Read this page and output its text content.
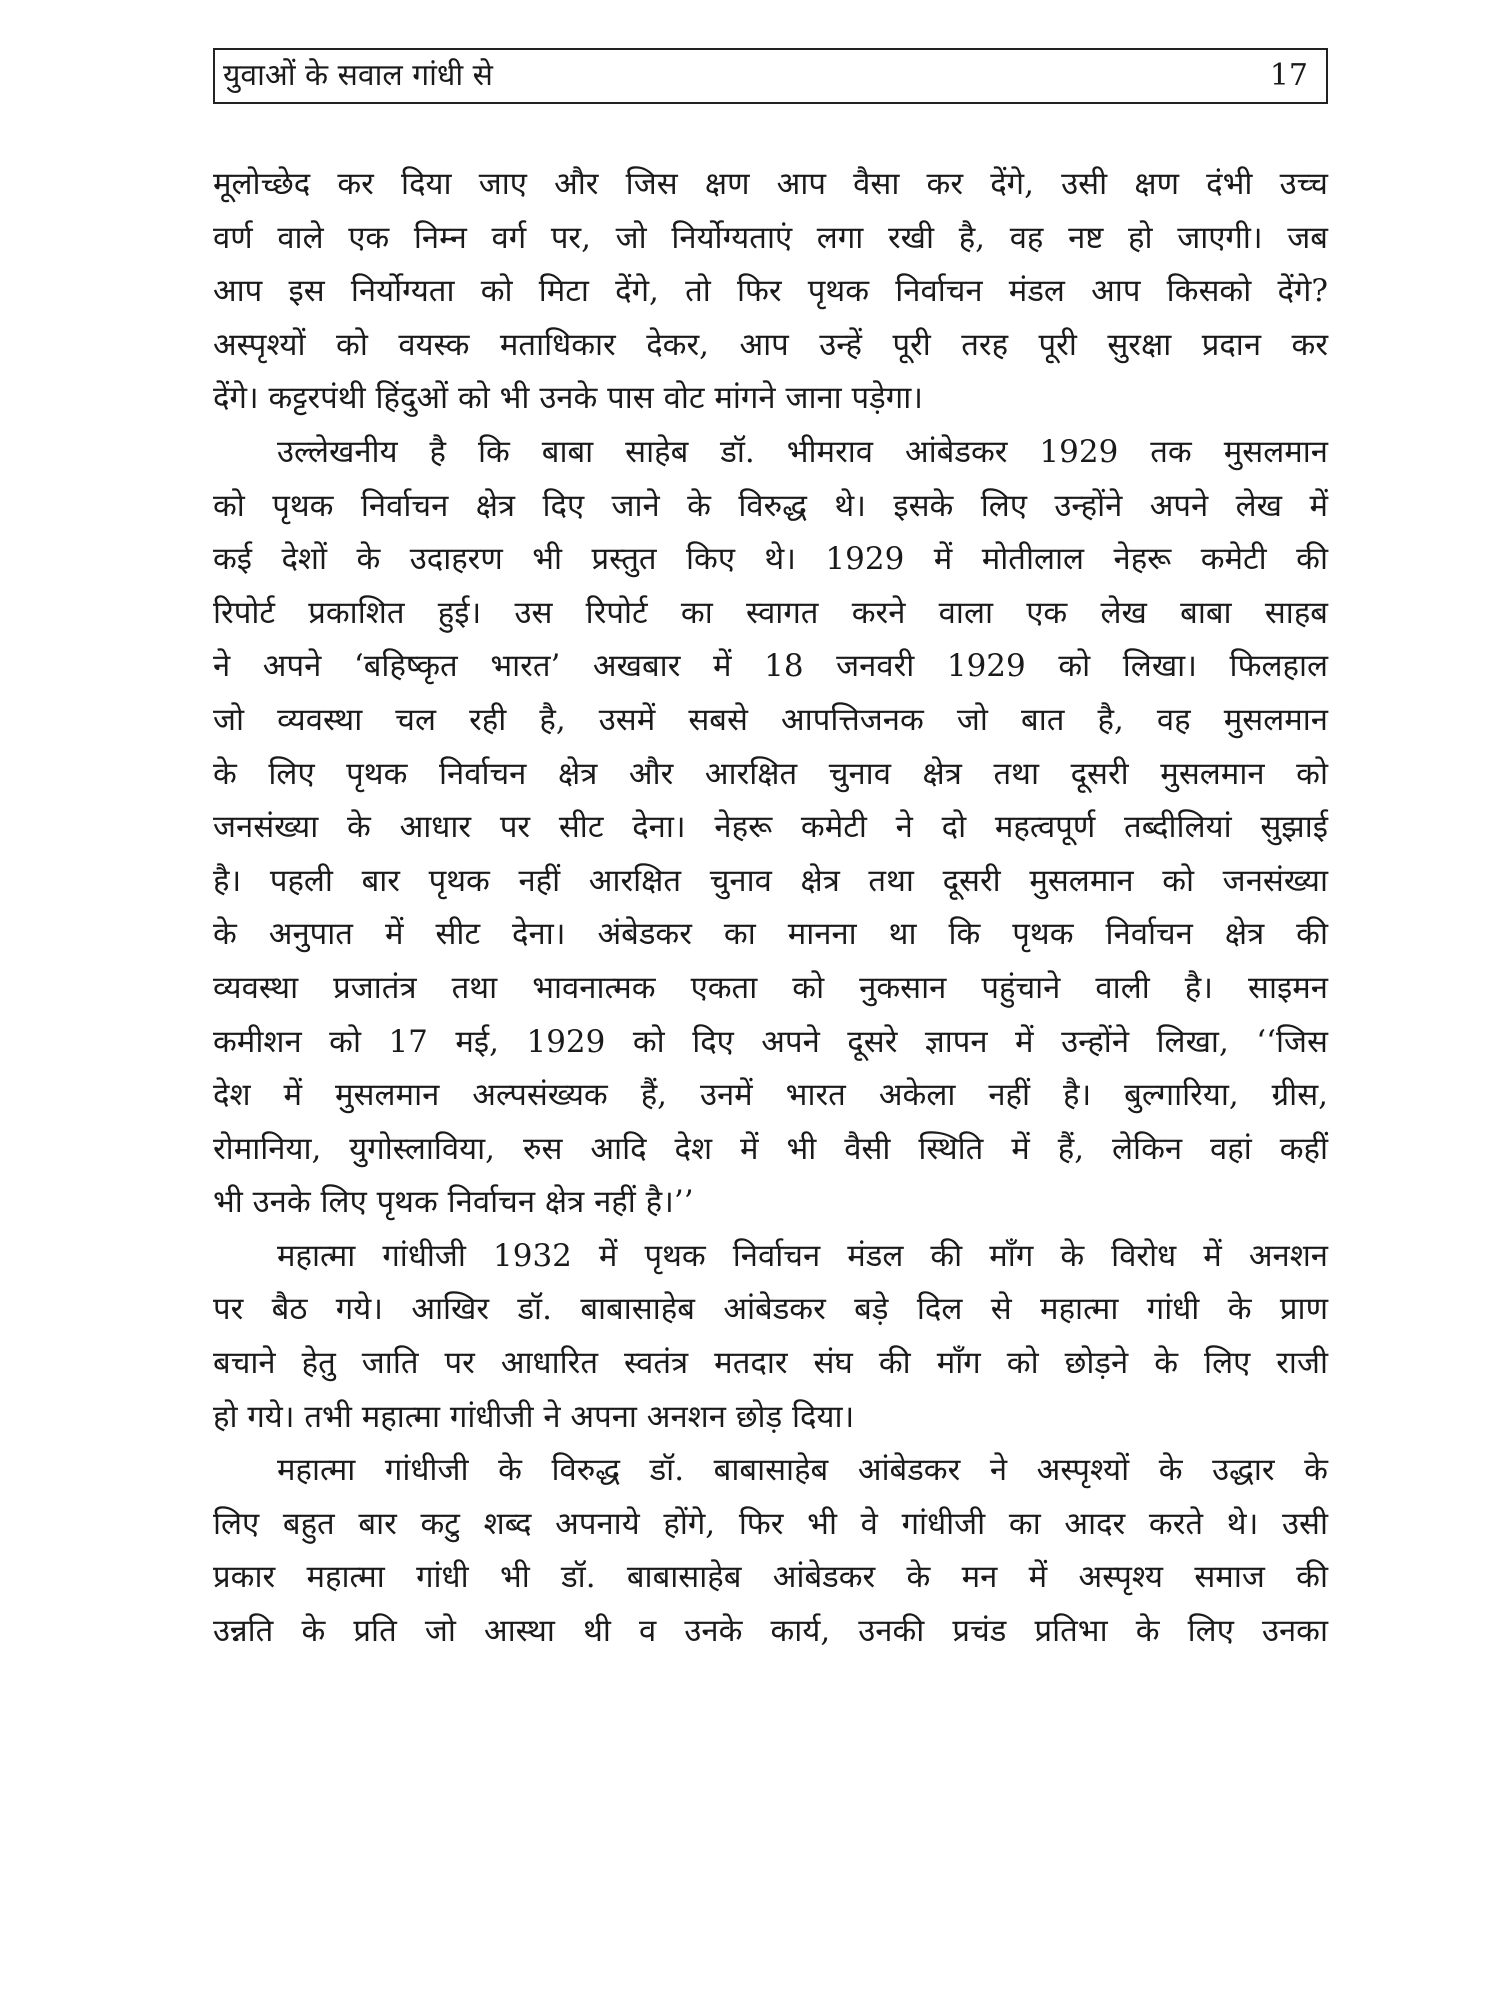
युवाओं के सवाल गांधी से	17
मूलोच्छेद कर दिया जाए और जिस क्षण आप वैसा कर देंगे, उसी क्षण दंभी उच्च
वर्ण वाले एक निम्न वर्ग पर, जो निर्योग्यताएं लगा रखी है, वह नष्ट हो जाएगी। जब
आप इस निर्योग्यता को मिटा देंगे, तो फिर पृथक निर्वाचन मंडल आप किसको देंगे?
अस्पृश्यों को वयस्क मताधिकार देकर, आप उन्हें पूरी तरह पूरी सुरक्षा प्रदान कर
देंगे। कट्टरपंथी हिंदुओं को भी उनके पास वोट मांगने जाना पड़ेगा।
उल्लेखनीय है कि बाबा साहेब डॉ. भीमराव आंबेडकर 1929 तक मुसलमान
को पृथक निर्वाचन क्षेत्र दिए जाने के विरुद्ध थे। इसके लिए उन्होंने अपने लेख में
कई देशों के उदाहरण भी प्रस्तुत किए थे। 1929 में मोतीलाल नेहरू कमेटी की
रिपोर्ट प्रकाशित हुई। उस रिपोर्ट का स्वागत करने वाला एक लेख बाबा साहब
ने अपने ‘बहिष्कृत भारत’ अखबार में 18 जनवरी 1929 को लिखा। फिलहाल
जो व्यवस्था चल रही है, उसमें सबसे आपत्तिजनक जो बात है, वह मुसलमान
के लिए पृथक निर्वाचन क्षेत्र और आरक्षित चुनाव क्षेत्र तथा दूसरी मुसलमान को
जनसंख्या के आधार पर सीट देना। नेहरू कमेटी ने दो महत्वपूर्ण तब्दीलियां सुझाई
है। पहली बार पृथक नहीं आरक्षित चुनाव क्षेत्र तथा दूसरी मुसलमान को जनसंख्या
के अनुपात में सीट देना। अंबेडकर का मानना था कि पृथक निर्वाचन क्षेत्र की
व्यवस्था प्रजातंत्र तथा भावनात्मक एकता को नुकसान पहुंचाने वाली है। साइमन
कमीशन को 17 मई, 1929 को दिए अपने दूसरे ज्ञापन में उन्होंने लिखा, ‘‘जिस
देश में मुसलमान अल्पसंख्यक हैं, उनमें भारत अकेला नहीं है। बुल्गारिया, ग्रीस,
रोमानिया, युगोस्लाविया, रुस आदि देश में भी वैसी स्थिति में हैं, लेकिन वहां कहीं
भी उनके लिए पृथक निर्वाचन क्षेत्र नहीं है।’’
महात्मा गांधीजी 1932 में पृथक निर्वाचन मंडल की माँग के विरोध में अनशन
पर बैठ गये। आखिर डॉ. बाबासाहेब आंबेडकर बड़े दिल से महात्मा गांधी के प्राण
बचाने हेतु जाति पर आधारित स्वतंत्र मतदार संघ की माँग को छोड़ने के लिए राजी
हो गये। तभी महात्मा गांधीजी ने अपना अनशन छोड़ दिया।
महात्मा गांधीजी के विरुद्ध डॉ. बाबासाहेब आंबेडकर ने अस्पृश्यों के उद्धार के
लिए बहुत बार कटु शब्द अपनाये होंगे, फिर भी वे गांधीजी का आदर करते थे। उसी
प्रकार महात्मा गांधी भी डॉ. बाबासाहेब आंबेडकर के मन में अस्पृश्य समाज की
उन्नति के प्रति जो आस्था थी व उनके कार्य, उनकी प्रचंड प्रतिभा के लिए उनका
